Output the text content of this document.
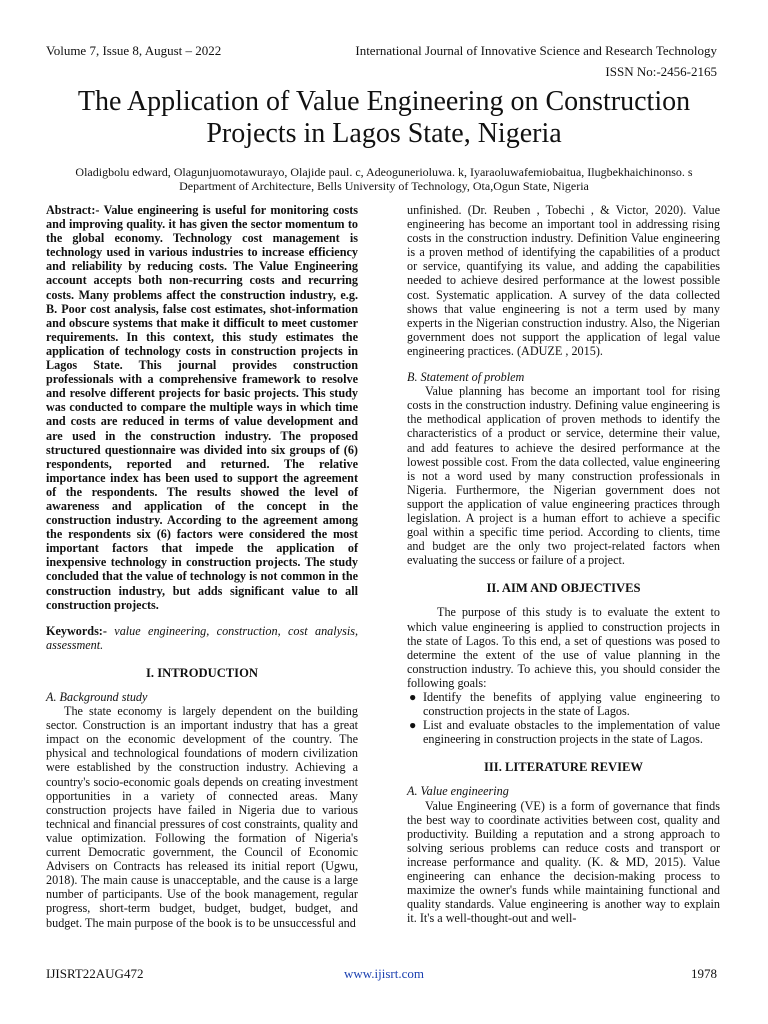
Volume 7, Issue 8, August – 2022	International Journal of Innovative Science and Research Technology
ISSN No:-2456-2165
The Application of Value Engineering on Construction Projects in Lagos State, Nigeria
Oladigbolu edward, Olagunjuomotawurayo, Olajide paul. c, Adeogunerioluwa. k, Iyaraoluwafemiobaitua, Ilugbekhaichinonso. s
Department of Architecture, Bells University of Technology, Ota,Ogun State, Nigeria

Abstract:- Value engineering is useful for monitoring costs and improving quality. it has given the sector momentum to the global economy. Technology cost management is technology used in various industries to increase efficiency and reliability by reducing costs. The Value Engineering account accepts both non-recurring costs and recurring costs. Many problems affect the construction industry, e.g. B. Poor cost analysis, false cost estimates, shot-information and obscure systems that make it difficult to meet customer requirements. In this context, this study estimates the application of technology costs in construction projects in Lagos State. This journal provides construction professionals with a comprehensive framework to resolve and resolve different projects for basic projects. This study was conducted to compare the multiple ways in which time and costs are reduced in terms of value development and are used in the construction industry. The proposed structured questionnaire was divided into six groups of (6) respondents, reported and returned. The relative importance index has been used to support the agreement of the respondents. The results showed the level of awareness and application of the concept in the construction industry. According to the agreement among the respondents six (6) factors were considered the most important factors that impede the application of inexpensive technology in construction projects. The study concluded that the value of technology is not common in the construction industry, but adds significant value to all construction projects.

Keywords:- value engineering, construction, cost analysis, assessment.

I. INTRODUCTION

A. Background study

The state economy is largely dependent on the building sector. Construction is an important industry that has a great impact on the economic development of the country. The physical and technological foundations of modern civilization were established by the construction industry. Achieving a country's socio-economic goals depends on creating investment opportunities in a variety of connected areas. Many construction projects have failed in Nigeria due to various technical and financial pressures of cost constraints, quality and value optimization. Following the formation of Nigeria's current Democratic government, the Council of Economic Advisers on Contracts has released its initial report (Ugwu, 2018). The main cause is unacceptable, and the cause is a large number of participants. Use of the book management, regular progress, short-term budget, budget, budget, budget, and budget. The main purpose of the book is to be unsuccessful and

unfinished. (Dr. Reuben , Tobechi , & Victor, 2020). Value engineering has become an important tool in addressing rising costs in the construction industry. Definition Value engineering is a proven method of identifying the capabilities of a product or service, quantifying its value, and adding the capabilities needed to achieve desired performance at the lowest possible cost. Systematic application. A survey of the data collected shows that value engineering is not a term used by many experts in the Nigerian construction industry. Also, the Nigerian government does not support the application of legal value engineering practices. (ADUZE , 2015).

B. Statement of problem

Value planning has become an important tool for rising costs in the construction industry. Defining value engineering is the methodical application of proven methods to identify the characteristics of a product or service, determine their value, and add features to achieve the desired performance at the lowest possible cost. From the data collected, value engineering is not a word used by many construction professionals in Nigeria. Furthermore, the Nigerian government does not support the application of value engineering practices through legislation. A project is a human effort to achieve a specific goal within a specific time period. According to clients, time and budget are the only two project-related factors when evaluating the success or failure of a project.

II. AIM AND OBJECTIVES

The purpose of this study is to evaluate the extent to which value engineering is applied to construction projects in the state of Lagos. To this end, a set of questions was posed to determine the extent of the use of value planning in the construction industry. To achieve this, you should consider the following goals:

● Identify the benefits of applying value engineering to construction projects in the state of Lagos.
● List and evaluate obstacles to the implementation of value engineering in construction projects in the state of Lagos.

III. LITERATURE REVIEW

A. Value engineering

Value Engineering (VE) is a form of governance that finds the best way to coordinate activities between cost, quality and productivity. Building a reputation and a strong approach to solving serious problems can reduce costs and transport or increase performance and quality. (K. & MD, 2015). Value engineering can enhance the decision-making process to maximize the owner's funds while maintaining functional and quality standards. Value engineering is another way to explain it. It's a well-thought-out and well-

IJISRT22AUG472	www.ijisrt.com	1978
